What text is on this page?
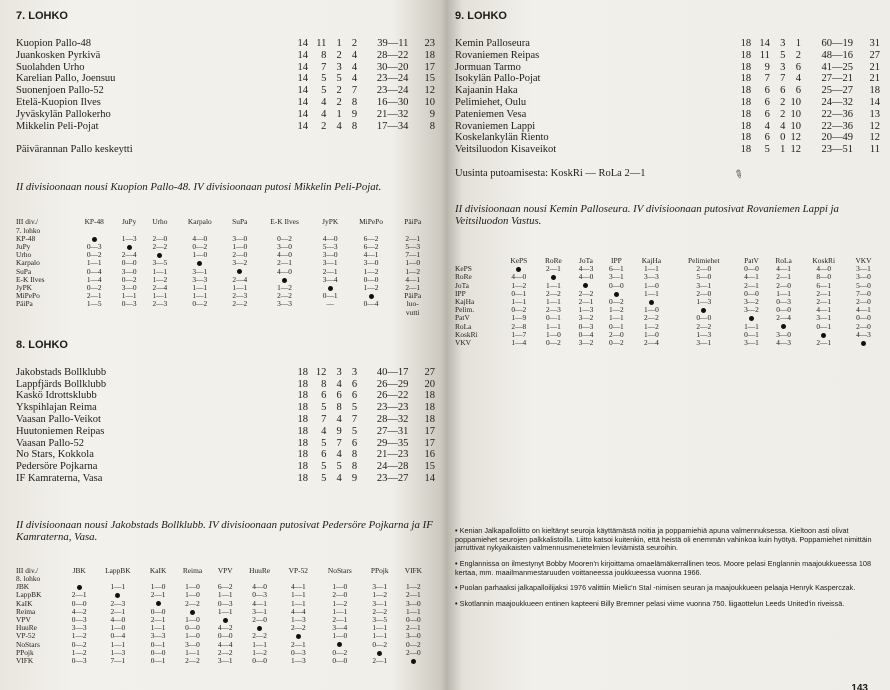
7. LOHKO
Kuopion Pallo-48	14	11	1	2	39—11	23
Juankosken Pyrkivä	14	8	2	4	28—22	18
Suolahden Urho	14	7	3	4	30—20	17
Karelian Pallo, Joensuu	14	5	5	4	23—24	15
Suonenjoen Pallo-52	14	5	2	7	23—24	12
Etelä-Kuopion Ilves	14	4	2	8	16—30	10
Jyväskylän Pallokerho	14	4	1	9	21—32	9
Mikkelin Peli-Pojat	14	2	4	8	17—34	8

Päivärannan Pallo keskeytti

II divisioonaan nousi Kuopion Pallo-48. IV divisioonaan putosi Mikkelin Peli-Pojat.

III div./
7. lohko	KP-48	JuPy	Urho	Karpalo	SuPa	E-K Ilves	JyPK	MiPePo	PäiPa
KP-48		1—3	2—0	4—0	3—0	0—2	4—0	6—2	2—1
JuPy	0—3		2—2	0—2	1—0	3—0	5—3	6—2	5—3
Urho	0—2	2—4		1—0	2—0	4—0	3—0	4—1	7—1
Karpalo	1—1	0—0	3—5		3—2	2—1	3—1	3—0	1—0
SuPa	0—4	3—0	1—1	3—1		4—0	2—1	1—2	1—2
E-K Ilves	1—4	0—2	1—2	3—3	2—4		3—4	0—0	4—1
JyPK	0—2	3—0	2—4	1—1	1—1	1—2		1—2	2—1
MiPePo	2—1	1—1	1—1	1—1	2—3	2—2	0—1		PäiPa
PäiPa	1—5	0—3	2—3	0—2	2—2	3—3	—	0—4	luo-
									vutti
8. LOHKO
Jakobstads Bollklubb	18	12	3	3	40—17	27
Lappfjärds Bollklubb	18	8	4	6	26—29	20
Kaskö Idrottsklubb	18	6	6	6	26—22	18
Ykspihlajan Reima	18	5	8	5	23—23	18
Vaasan Pallo-Veikot	18	7	4	7	28—32	18
Huutoniemen Reipas	18	4	9	5	27—31	17
Vaasan Pallo-52	18	5	7	6	29—35	17
No Stars, Kokkola	18	6	4	8	21—23	16
Pedersöre Pojkarna	18	5	5	8	24—28	15
IF Kamraterna, Vasa	18	5	4	9	23—27	14

II divisioonaan nousi Jakobstads Bollklubb. IV divisioonaan putosivat Pedersöre Pojkarna ja IF Kamraterna, Vasa.

III div./
8. lohko	JBK	LappBK	KaIK	Reima	VPV	HuuRe	VP-52	NoStars	PPojk	VIFK
JBK		1—1	1—0	1—0	6—2	4—0	4—1	1—0	3—1	1—2
LappBK	2—1		2—1	1—0	1—1	0—3	1—1	2—0	1—2	2—1
KaIK	0—0	2—3		2—2	0—3	4—1	1—1	1—2	3—1	3—0
Reima	4—2	2—1	0—0		1—1	3—1	4—4	1—1	2—2	1—1
VPV	0—3	4—0	2—1	1—0		2—0	1—3	2—1	3—5	0—0
HuuRe	3—3	1—0	1—1	0—0	4—2		2—2	3—4	1—1	2—1
VP-52	1—2	0—4	3—3	1—0	0—0	2—2		1—0	1—1	3—0
NoStars	0—2	1—1	0—1	3—0	4—4	1—1	2—1		0—2	0—2
PPojk	1—2	1—3	0—0	1—1	2—2	1—2	0—3	0—2		2—0
VIFK	0—3	7—1	0—1	2—2	3—1	0—0	1—3	0—0	2—1	
9. LOHKO
Kemin Palloseura	18	14	3	1	60—19	31
Rovaniemen Reipas	18	11	5	2	48—16	27
Jormuan Tarmo	18	9	3	6	41—25	21
Isokylän Pallo-Pojat	18	7	7	4	27—21	21
Kajaanin Haka	18	6	6	6	25—27	18
Pelimiehet, Oulu	18	6	2	10	24—32	14
Pateniemen Vesa	18	6	2	10	22—36	13
Rovaniemen Lappi	18	4	4	10	22—36	12
Koskelankylän Riento	18	6	0	12	20—49	12
Veitsiluodon Kisaveikot	18	5	1	12	23—51	11

Uusinta putoamisesta: KoskRi — RoLa 2—1

II divisioonaan nousi Kemin Palloseura. IV divisioonaan putosivat Rovaniemen Lappi ja Veitsiluodon Vastus.

	KePS	RoRe	JoTa	IPP	KajHa	Pelimiehet	PatV	RoLa	KoskRi	VKV
KePS		2—1	4—3	6—1	1—1	2—0	0—0	4—1	4—0	3—1
RoRe	4—0		4—0	3—1	3—3	5—0	4—1	2—1	8—0	3—0
JoTa	1—2	1—1		0—0	1—0	3—1	2—1	2—0	6—1	5—0
IPP	0—1	2—2	2—2		1—1	2—0	0—0	1—1	2—1	7—0
KajHa	1—1	1—1	2—1	0—2		1—3	3—2	0—3	2—1	2—0
Pelim.	0—2	2—3	1—3	1—2	1—0		3—2	0—0	4—1	4—1
PatV	1—9	0—1	3—2	1—1	2—2	0—0		2—4	3—1	0—0
RoLa	2—8	1—1	0—3	0—1	1—2	2—2	1—1		0—1	2—0
KoskRi	1—7	1—0	0—4	2—0	1—0	1—3	0—1	3—0		4—3
VKV	1—4	0—2	3—2	0—2	2—4	3—1	3—1	4—3	2—1	

• Kenian Jalkapalloliitto on kieltänyt seuroja käyttämästä noitia ja poppamiehiä apuna valmennuksessa. Kieltoon asti olivat poppamiehet seurojen palkkalistoilla. Liitto katsoi kuitenkin, että heistä oli enemmän vahinkoa kuin hyötyä. Poppamiehet nimittäin jarruttivat nykyaikaisten valmennusmenetelmien leviämistä seuroihin.

• Englannissa on ilmestynyt Bobby Mooren'n kirjoittama omaelämäkerrallinen teos. Moore pelasi Englannin maajoukkueessa 108 kertaa, mm. maailmanmestaruuden voittaneessa joukkueessa vuonna 1966.

• Puolan parhaaksi jalkapalloilijaksi 1976 valittiin Mielic'n Stal -nimisen seuran ja maajoukkueen pelaaja Henryk Kasperczak.

• Skotlannin maajoukkueen entinen kapteeni Billy Bremner pelasi viime vuonna 750. liigaottelun Leeds United'in riveissä.

143
✎
